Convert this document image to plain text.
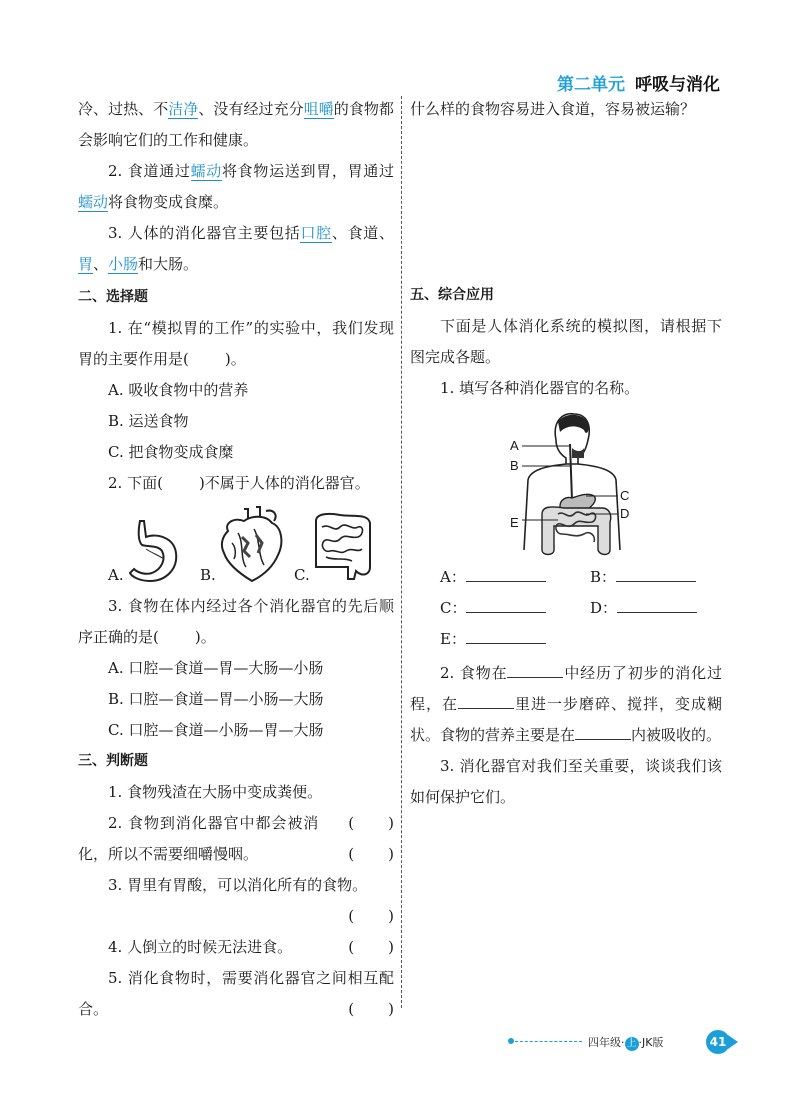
第二单元 呼吸与消化

冷、过热、不洁净、没有经过充分咀嚼的食物都会影响它们的工作和健康。

2. 食道通过蠕动将食物运送到胃，胃通过蠕动将食物变成食糜。

3. 人体的消化器官主要包括口腔、食道、胃、小肠和大肠。

二、选择题

1. 在“模拟胃的工作”的实验中，我们发现胃的主要作用是( )。

A. 吸收食物中的营养

B. 运送食物

C. 把食物变成食糜

2. 下面( )不属于人体的消化器官。

A.	B.	C.

3. 食物在体内经过各个消化器官的先后顺序正确的是( )。

A. 口腔—食道—胃—大肠—小肠

B. 口腔—食道—胃—小肠—大肠

C. 口腔—食道—小肠—胃—大肠

三、判断题

1. 食物残渣在大肠中变成粪便。
( )

2. 食物到消化器官中都会被消化，所以不需要细嚼慢咽。	( )

3. 胃里有胃酸，可以消化所有的食物。

( )

4. 人倒立的时候无法进食。	( )

5. 消化食物时，需要消化器官之间相互配合。	( )

什么样的食物容易进入食道，容易被运输？

五、综合应用

下面是人体消化系统的模拟图，请根据下图完成各题。

1. 填写各种消化器官的名称。

A
B
C
D
E
A：	B：
C：	D：
E：

2. 食物在	中经历了初步的消化过程，在	里进一步磨碎、搅拌，变成糊状。食物的营养主要是在	内被吸收的。

3. 消化器官对我们至关重要，谈谈我们该如何保护它们。

四年级· 上 ·JK版	41
